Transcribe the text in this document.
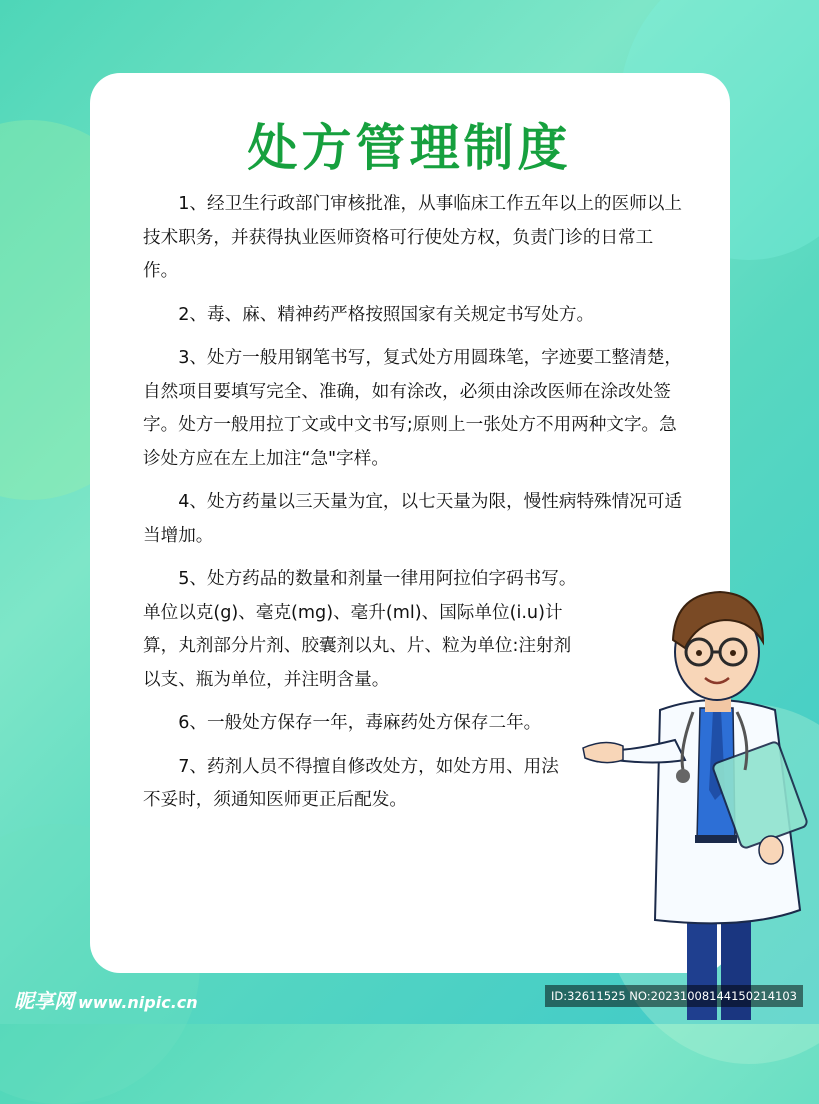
处方管理制度

1、经卫生行政部门审核批准，从事临床工作五年以上的医师以上技术职务，并获得执业医师资格可行使处方权，负责门诊的日常工作。

2、毒、麻、精神药严格按照国家有关规定书写处方。

3、处方一般用钢笔书写，复式处方用圆珠笔，字迹要工整清楚，自然项目要填写完全、准确，如有涂改，必须由涂改医师在涂改处签字。处方一般用拉丁文或中文书写;原则上一张处方不用两种文字。急诊处方应在左上加注“急"字样。

4、处方药量以三天量为宜，以七天量为限，慢性病特殊情况可适当增加。

5、处方药品的数量和剂量一律用阿拉伯字码书写。单位以克(g)、毫克(mg)、毫升(ml)、国际单位(i.u)计算，丸剂部分片剂、胶囊剂以丸、片、粒为单位:注射剂以支、瓶为单位，并注明含量。

6、一般处方保存一年，毒麻药处方保存二年。

7、药剂人员不得擅自修改处方，如处方用、用法不妥时，须通知医师更正后配发。

昵享网 www.nipic.cn	ID:32611525 NO:20231008144150214103
